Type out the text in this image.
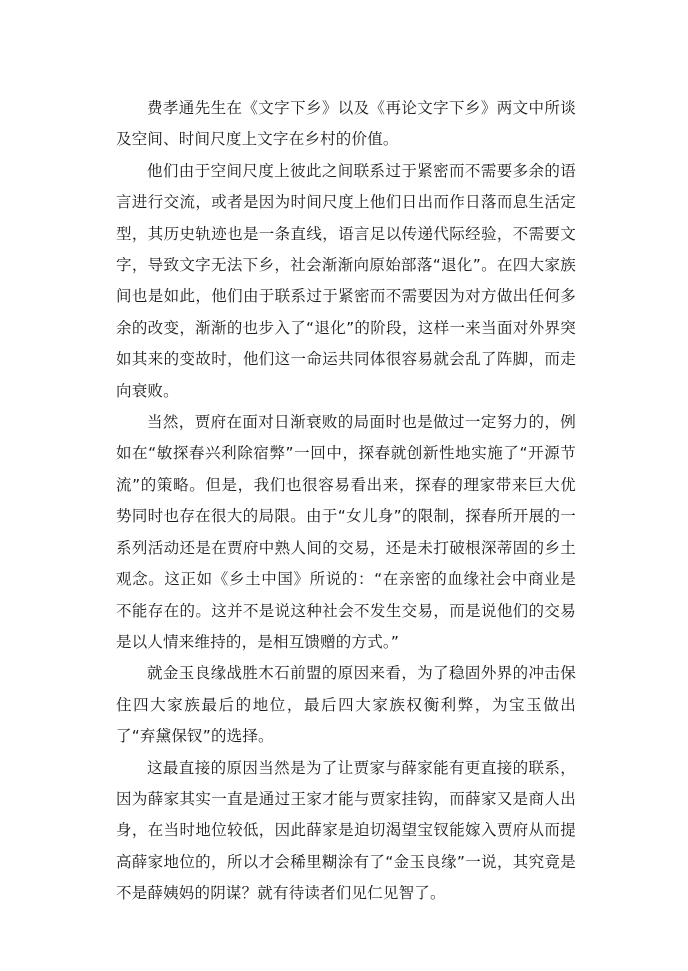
费孝通先生在《文字下乡》以及《再论文字下乡》两文中所谈及空间、时间尺度上文字在乡村的价值。

他们由于空间尺度上彼此之间联系过于紧密而不需要多余的语言进行交流，或者是因为时间尺度上他们日出而作日落而息生活定型，其历史轨迹也是一条直线，语言足以传递代际经验，不需要文字，导致文字无法下乡，社会渐渐向原始部落“退化”。在四大家族间也是如此，他们由于联系过于紧密而不需要因为对方做出任何多余的改变，渐渐的也步入了“退化”的阶段，这样一来当面对外界突如其来的变故时，他们这一命运共同体很容易就会乱了阵脚，而走向衰败。

当然，贾府在面对日渐衰败的局面时也是做过一定努力的，例如在“敏探春兴利除宿弊”一回中，探春就创新性地实施了“开源节流”的策略。但是，我们也很容易看出来，探春的理家带来巨大优势同时也存在很大的局限。由于“女儿身”的限制，探春所开展的一系列活动还是在贾府中熟人间的交易，还是未打破根深蒂固的乡土观念。这正如《乡土中国》所说的：“在亲密的血缘社会中商业是不能存在的。这并不是说这种社会不发生交易，而是说他们的交易是以人情来维持的，是相互馈赠的方式。”

就金玉良缘战胜木石前盟的原因来看，为了稳固外界的冲击保住四大家族最后的地位，最后四大家族权衡利弊，为宝玉做出了“弃黛保钗”的选择。

这最直接的原因当然是为了让贾家与薛家能有更直接的联系，因为薛家其实一直是通过王家才能与贾家挂钩，而薛家又是商人出身，在当时地位较低，因此薛家是迫切渴望宝钗能嫁入贾府从而提高薛家地位的，所以才会稀里糊涂有了“金玉良缘”一说，其究竟是不是薛姨妈的阴谋？就有待读者们见仁见智了。
